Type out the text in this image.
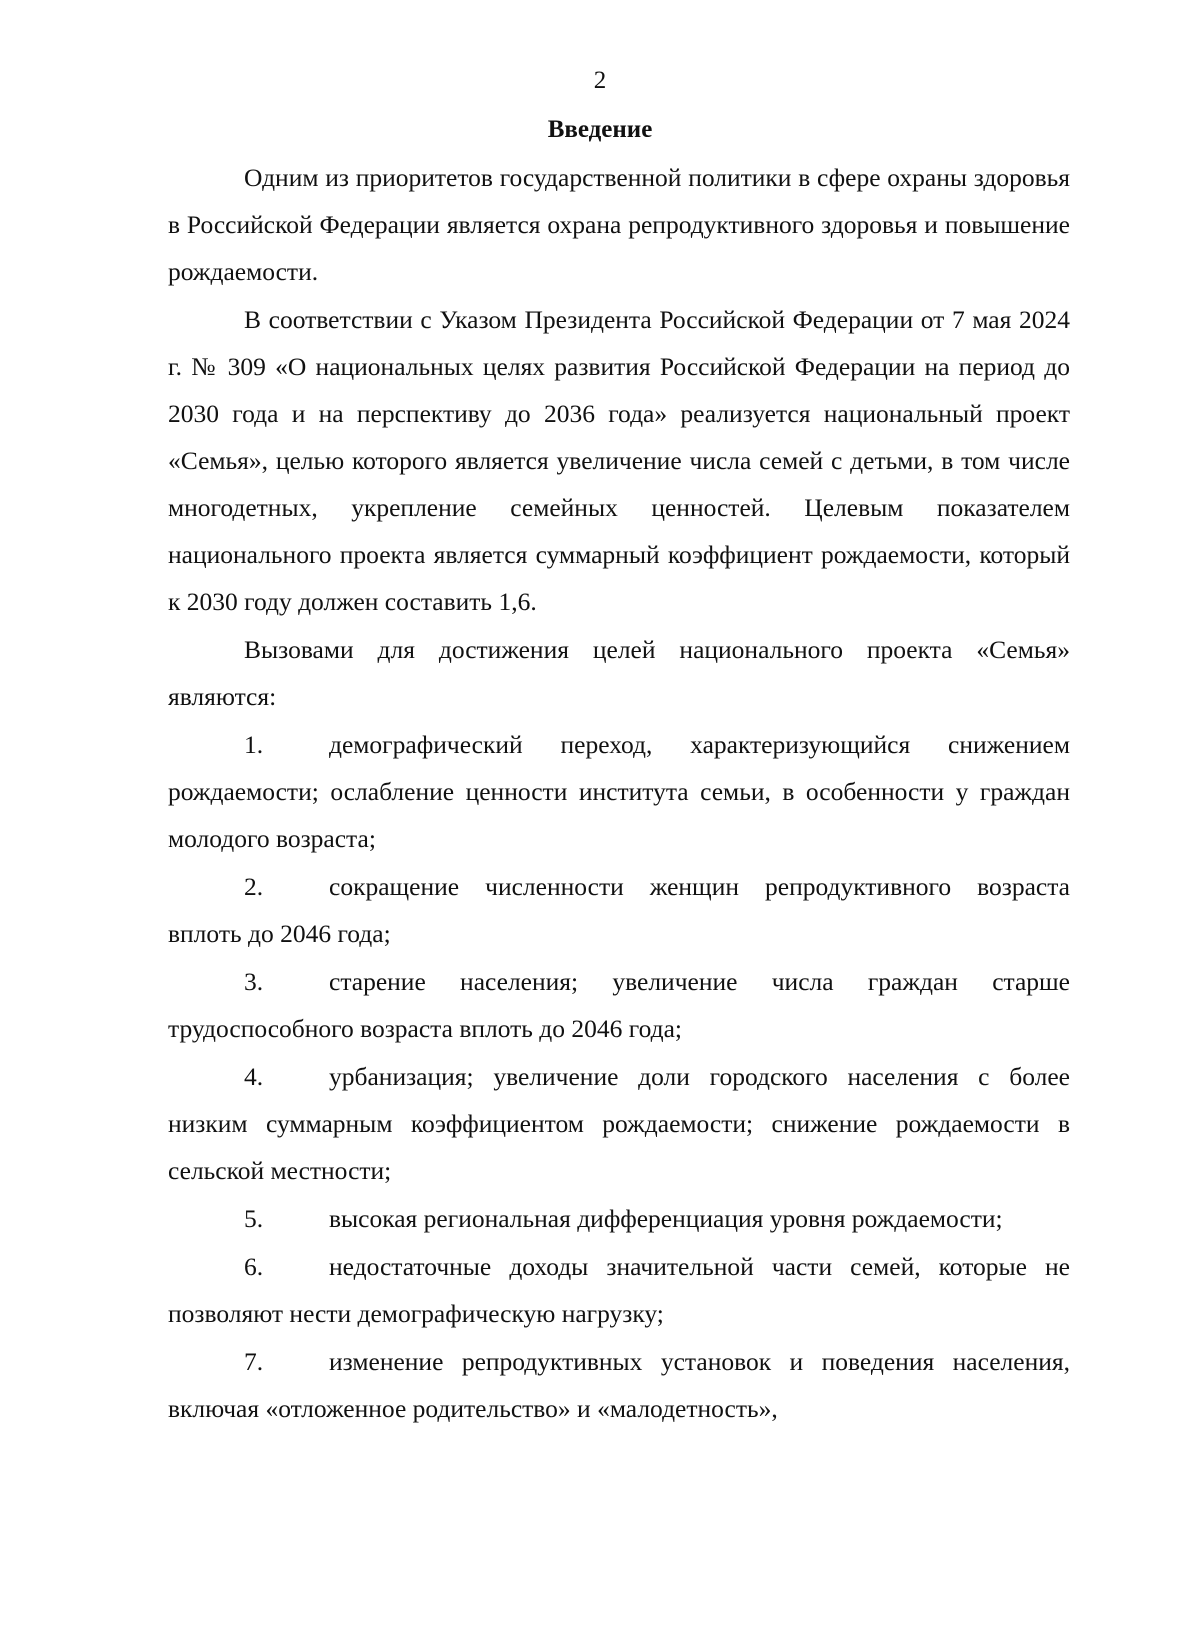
2
Введение

Одним из приоритетов государственной политики в сфере охраны здоровья в Российской Федерации является охрана репродуктивного здоровья и повышение рождаемости.

В соответствии с Указом Президента Российской Федерации от 7 мая 2024 г. № 309 «О национальных целях развития Российской Федерации на период до 2030 года и на перспективу до 2036 года» реализуется национальный проект «Семья», целью которого является увеличение числа семей с детьми, в том числе многодетных, укрепление семейных ценностей. Целевым показателем национального проекта является суммарный коэффициент рождаемости, который к 2030 году должен составить 1,6.

Вызовами для достижения целей национального проекта «Семья» являются:

1.	демографический переход, характеризующийся снижением рождаемости; ослабление ценности института семьи, в особенности у граждан молодого возраста;
2.	сокращение численности женщин репродуктивного возраста вплоть до 2046 года;
3.	старение населения; увеличение числа граждан старше трудоспособного возраста вплоть до 2046 года;
4.	урбанизация; увеличение доли городского населения с более низким суммарным коэффициентом рождаемости; снижение рождаемости в сельской местности;
5.	высокая региональная дифференциация уровня рождаемости;
6.	недостаточные доходы значительной части семей, которые не позволяют нести демографическую нагрузку;
7.	изменение репродуктивных установок и поведения населения, включая «отложенное родительство» и «малодетность»,
